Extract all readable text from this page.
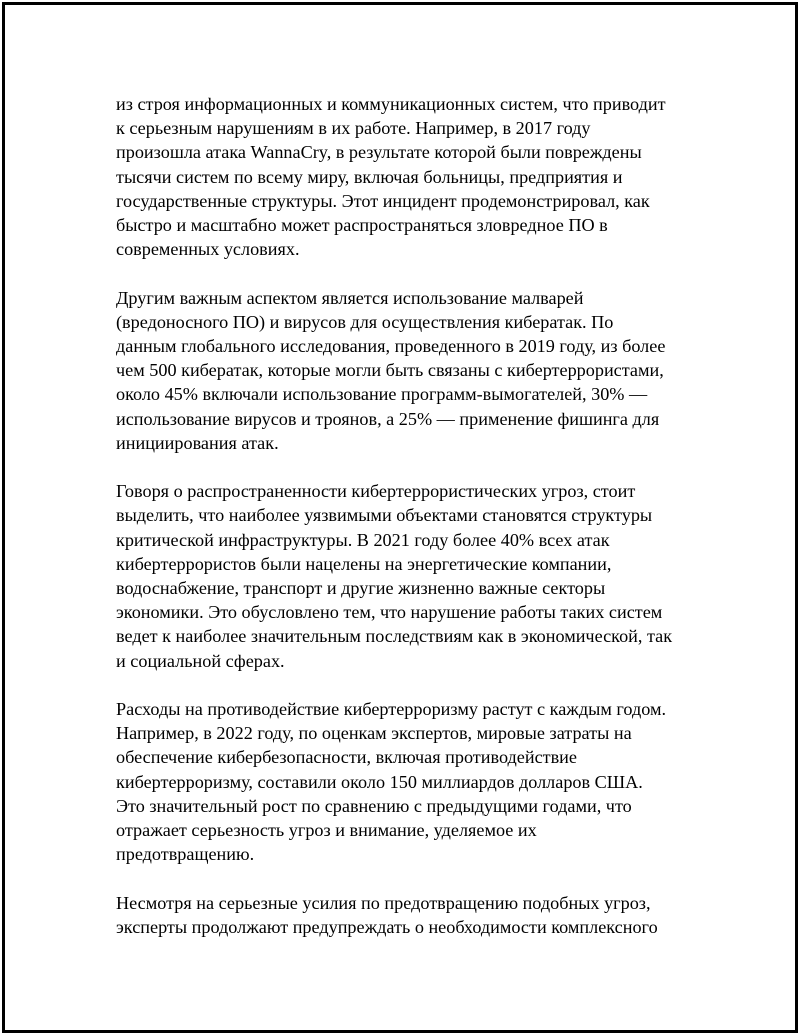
из строя информационных и коммуникационных систем, что приводит
к серьезным нарушениям в их работе. Например, в 2017 году
произошла атака WannaCry, в результате которой были повреждены
тысячи систем по всему миру, включая больницы, предприятия и
государственные структуры. Этот инцидент продемонстрировал, как
быстро и масштабно может распространяться зловредное ПО в
современных условиях.

Другим важным аспектом является использование малварей
(вредоносного ПО) и вирусов для осуществления кибератак. По
данным глобального исследования, проведенного в 2019 году, из более
чем 500 кибератак, которые могли быть связаны с кибертеррористами,
около 45% включали использование программ-вымогателей, 30% —
использование вирусов и троянов, а 25% — применение фишинга для
инициирования атак.

Говоря о распространенности кибертеррористических угроз, стоит
выделить, что наиболее уязвимыми объектами становятся структуры
критической инфраструктуры. В 2021 году более 40% всех атак
кибертеррористов были нацелены на энергетические компании,
водоснабжение, транспорт и другие жизненно важные секторы
экономики. Это обусловлено тем, что нарушение работы таких систем
ведет к наиболее значительным последствиям как в экономической, так
и социальной сферах.

Расходы на противодействие кибертерроризму растут с каждым годом.
Например, в 2022 году, по оценкам экспертов, мировые затраты на
обеспечение кибербезопасности, включая противодействие
кибертерроризму, составили около 150 миллиардов долларов США.
Это значительный рост по сравнению с предыдущими годами, что
отражает серьезность угроз и внимание, уделяемое их
предотвращению.

Несмотря на серьезные усилия по предотвращению подобных угроз,
эксперты продолжают предупреждать о необходимости комплексного
